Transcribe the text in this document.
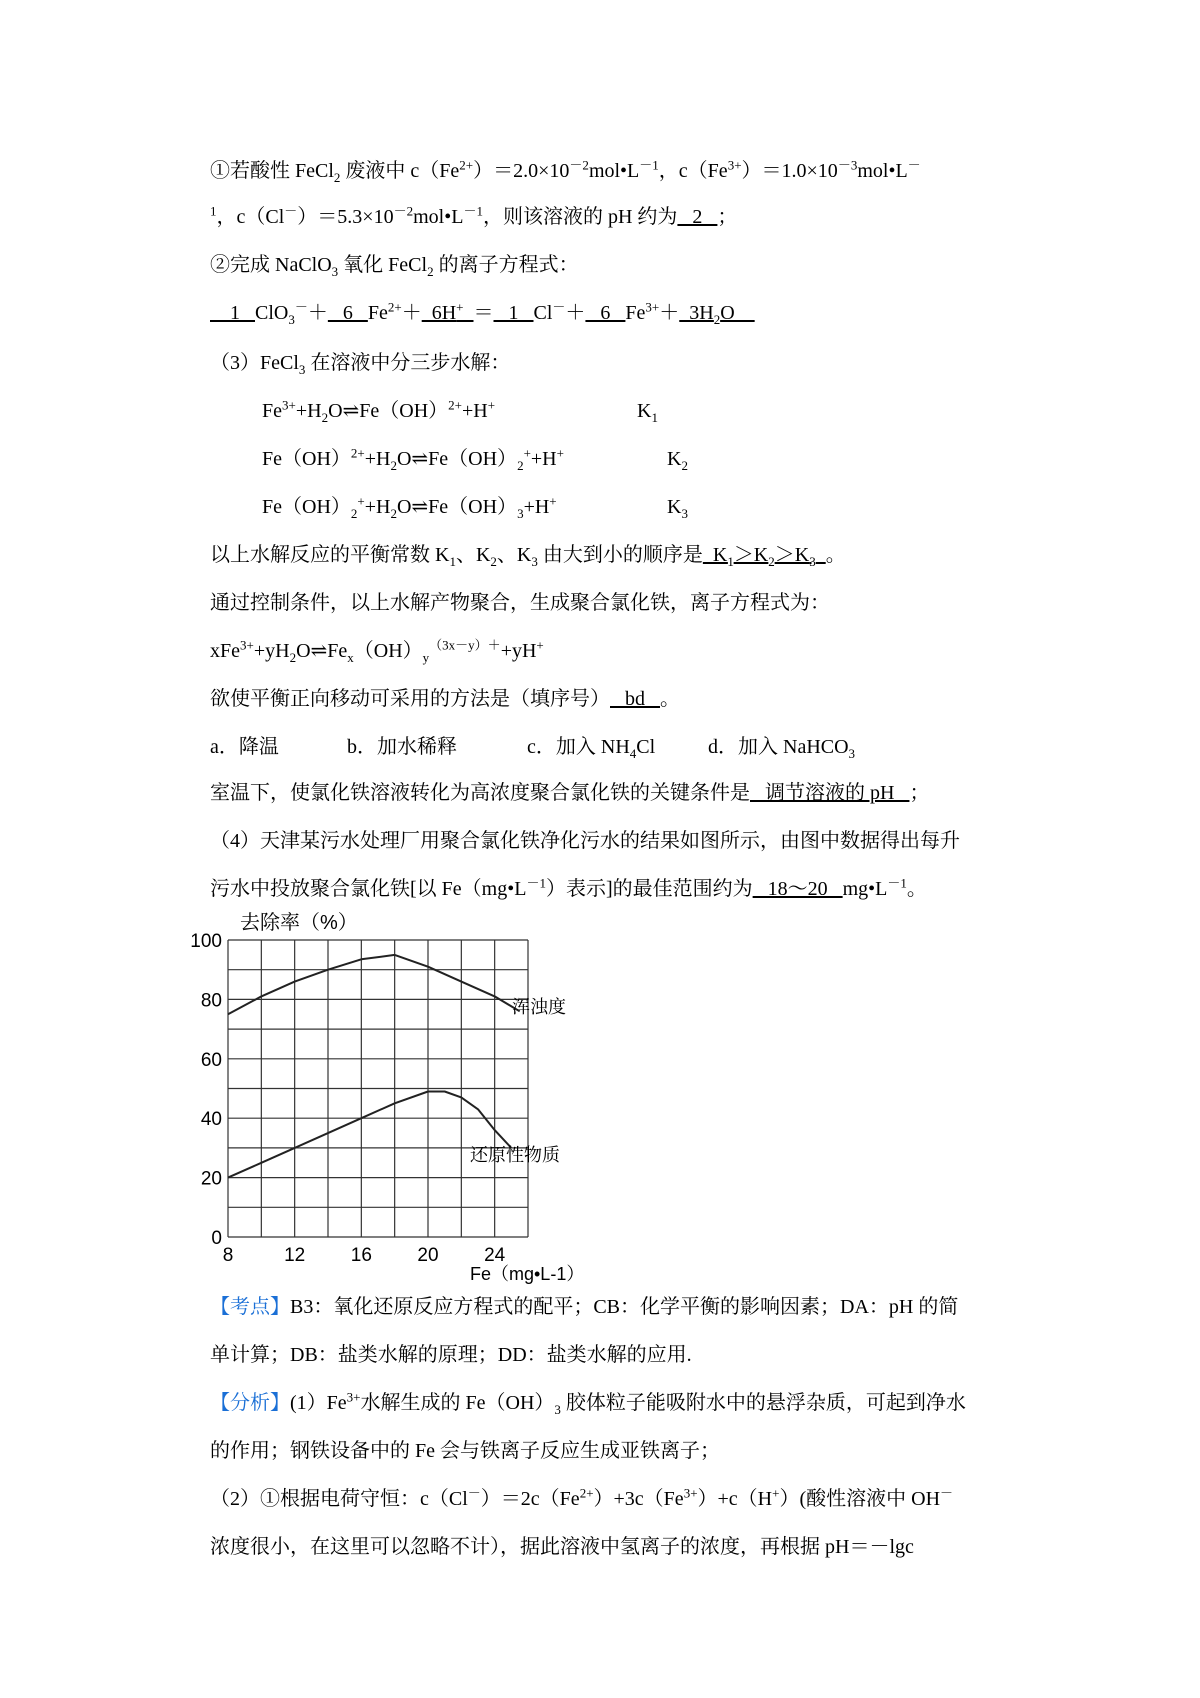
①若酸性 FeCl$_2$ 废液中 $c(Fe^{2+})=2.0\times 10^{-2}mol•L^{-1}$，$c(Fe^{3+})=1.0\times 10^{-3}mol•L^-$
$^1$，$c(Cl^-)=5.3\times 10^{-2}mol•L^{-1}$，则该溶液的 pH 约为   2   ；
②完成 NaClO$_3$ 氧化 FeCl$_2$ 的离子方程式：
1   ClO$_3$－＋   6   $Fe^{2+}+ 6H^+ = 1$   Cl－＋   6   $Fe^{3+}+ 3H_2O$
（3）FeCl$_3$ 在溶液中分三步水解：
$Fe^{3+}+H_2O\rightleftharpoons Fe(OH)^{2+}+H^+$	$K_1$
$Fe(OH)^{2+}+H_2O\rightleftharpoons Fe(OH)_2^++H^+$	$K_2$
$Fe(OH)_2^++H_2O\rightleftharpoons Fe(OH)_3+H^+$	$K_3$
以上水解反应的平衡常数 $K_1$、$K_2$、$K_3$ 由大到小的顺序是  $K_1>K_2>K_3$ 。
通过控制条件，以上水解产物聚合，生成聚合氯化铁，离子方程式为：
$xFe^{3+}+yH_2O\rightleftharpoons Fe_x(OH)_y^{(3x-y)+}+yH^+$
欲使平衡正向移动可采用的方法是（填序号）   bd   。
a．降温	b．加水稀释	c．加入 $NH_4Cl$	d．加入 NaHCO$_3$
室温下，使氯化铁溶液转化为高浓度聚合氯化铁的关键条件是   调节溶液的 pH   ；
（4）天津某污水处理厂用聚合氯化铁净化污水的结果如图所示，由图中数据得出每升
污水中投放聚合氯化铁[以 $Fe(mg•L^{-1})$表示]的最佳范围约为   18～20   $mg•L^{-1}$。
去除率（%）
Fe（mg•L-1）
0
20
40
60
80
100
8	12 16 20 24
浑浊度
还原性物质
【考点】B3：氧化还原反应方程式的配平；CB：化学平衡的影响因素；DA：pH 的简
单计算；DB：盐类水解的原理；DD：盐类水解的应用.
【分析】$(1)Fe^{3+}$水解生成的 $Fe(OH)_3$ 胶体粒子能吸附水中的悬浮杂质，可起到净水
的作用；钢铁设备中的 Fe 会与铁离子反应生成亚铁离子；
（2）①根据电荷守恒：$c(Cl^-)=2c(Fe^{2+})+3c(Fe^{3+})+c(H^+)$(酸性溶液中 OH－
浓度很小，在这里可以忽略不计），据此溶液中氢离子的浓度，再根据 pH＝－lgc
